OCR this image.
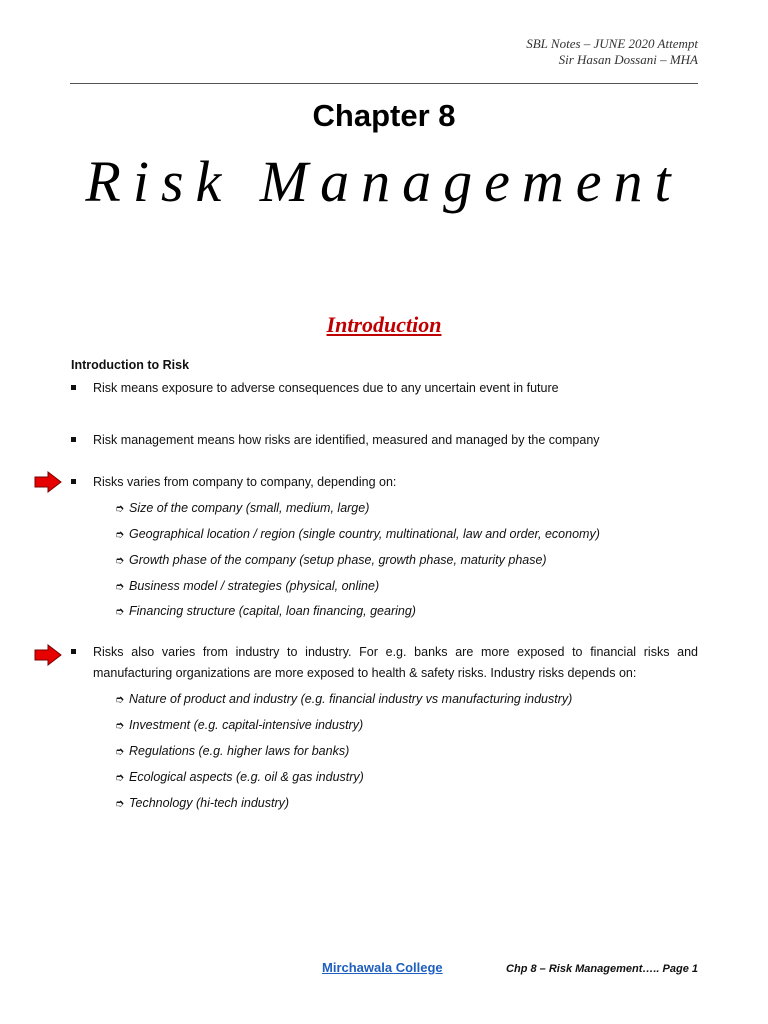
SBL Notes – JUNE 2020 Attempt
Sir Hasan Dossani – MHA
Chapter 8
Risk Management
Introduction
Introduction to Risk
Risk means exposure to adverse consequences due to any uncertain event in future
Risk management means how risks are identified, measured and managed by the company
Risks varies from company to company, depending on:
➮ Size of the company (small, medium, large)
➮ Geographical location / region (single country, multinational, law and order, economy)
➮ Growth phase of the company (setup phase, growth phase, maturity phase)
➮ Business model / strategies (physical, online)
➮ Financing structure (capital, loan financing, gearing)
Risks also varies from industry to industry. For e.g. banks are more exposed to financial risks and manufacturing organizations are more exposed to health & safety risks. Industry risks depends on:
➮ Nature of product and industry (e.g. financial industry vs manufacturing industry)
➮ Investment (e.g. capital-intensive industry)
➮ Regulations (e.g. higher laws for banks)
➮ Ecological aspects (e.g. oil & gas industry)
➮ Technology (hi-tech industry)
Mirchawala College	Chp 8 – Risk Management….. Page 1
